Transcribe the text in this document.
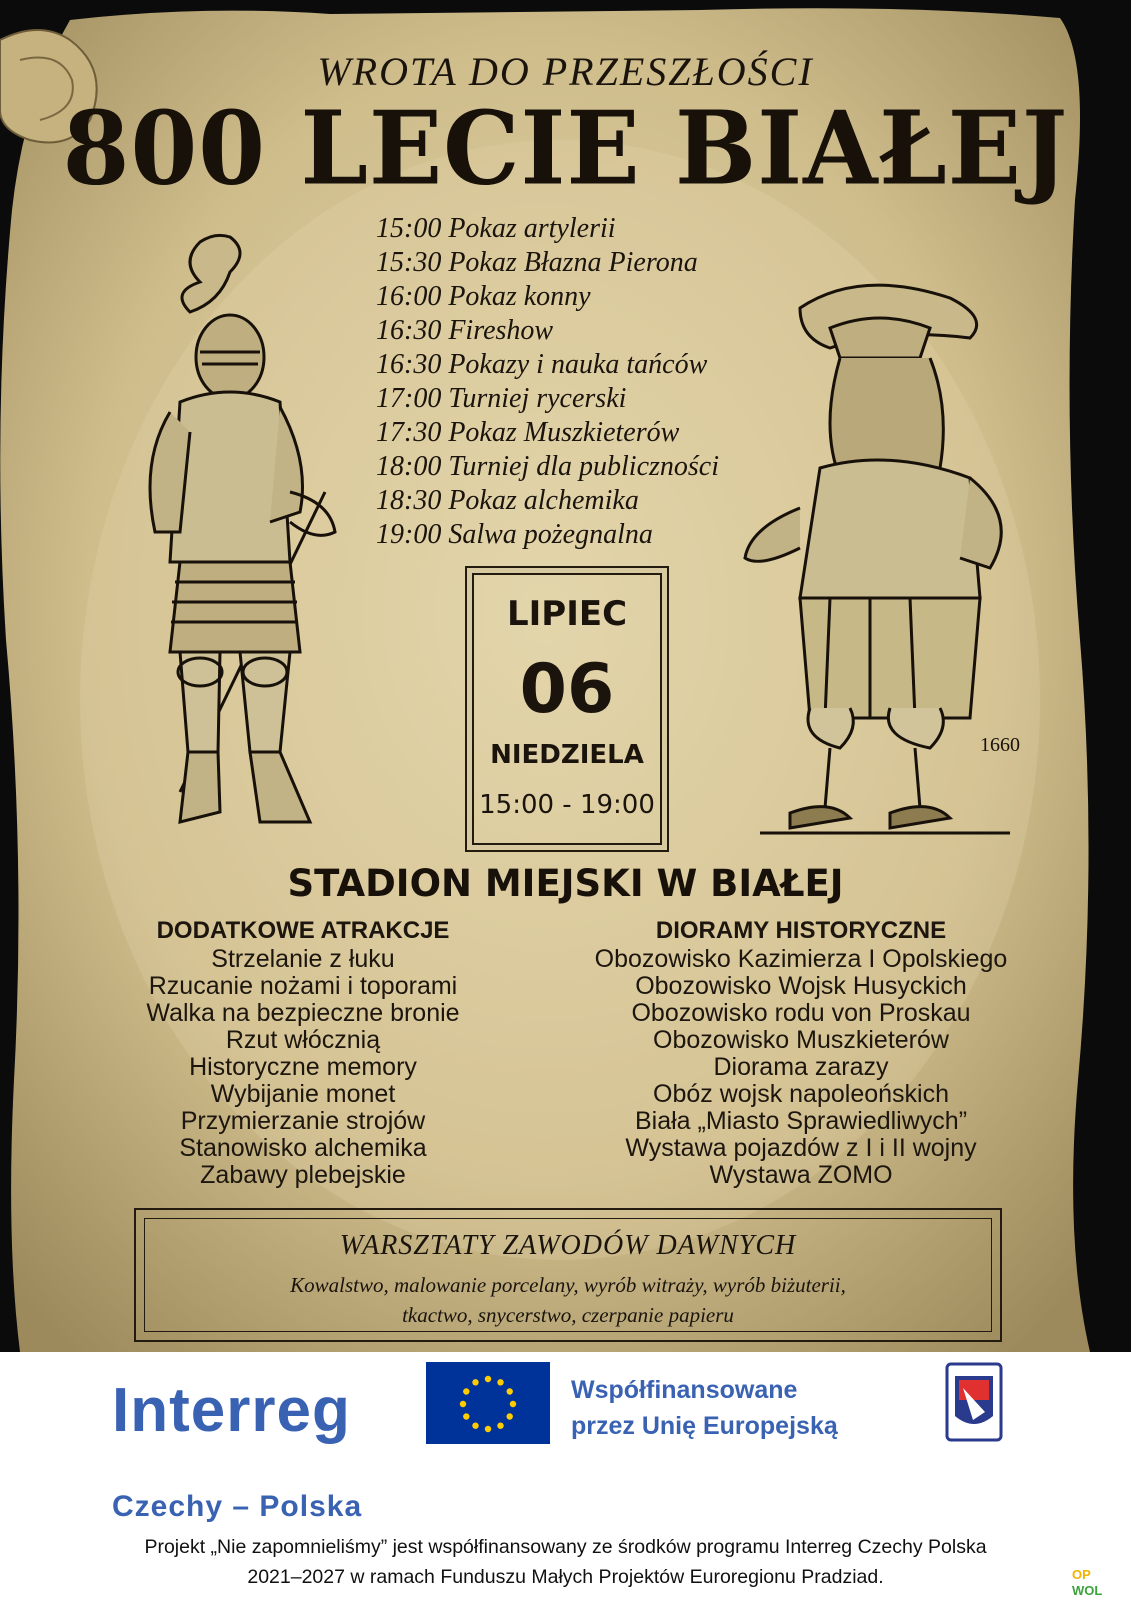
WROTA DO PRZESZŁOŚCI
800 LECIE BIAŁEJ
1660
15:00 Pokaz artylerii
15:30 Pokaz Błazna Pierona
16:00 Pokaz konny
16:30 Fireshow
16:30 Pokazy i nauka tańców
17:00 Turniej rycerski
17:30 Pokaz Muszkieterów
18:00 Turniej dla publiczności
18:30 Pokaz alchemika
19:00 Salwa pożegnalna
LIPIEC
06
NIEDZIELA
15:00 - 19:00
STADION MIEJSKI W BIAŁEJ
DODATKOWE ATRAKCJE
Strzelanie z łuku
Rzucanie nożami i toporami
Walka na bezpieczne bronie
Rzut włócznią
Historyczne memory
Wybijanie monet
Przymierzanie strojów
Stanowisko alchemika
Zabawy plebejskie
DIORAMY HISTORYCZNE
Obozowisko Kazimierza I Opolskiego
Obozowisko Wojsk Husyckich
Obozowisko rodu von Proskau
Obozowisko Muszkieterów
Diorama zarazy
Obóz wojsk napoleońskich
Biała „Miasto Sprawiedliwych”
Wystawa pojazdów z I i II wojny
Wystawa ZOMO
WARSZTATY ZAWODÓW DAWNYCH
Kowalstwo, malowanie porcelany, wyrób witraży, wyrób biżuterii,
tkactwo, snycerstwo, czerpanie papieru
Interreg	Współfinansowane
przez Unię Europejską
Czechy – Polska

Projekt „Nie zapomnieliśmy” jest współfinansowany ze środków programu Interreg Czechy Polska
2021–2027 w ramach Funduszu Małych Projektów Euroregionu Pradziad.	OP
WOL
